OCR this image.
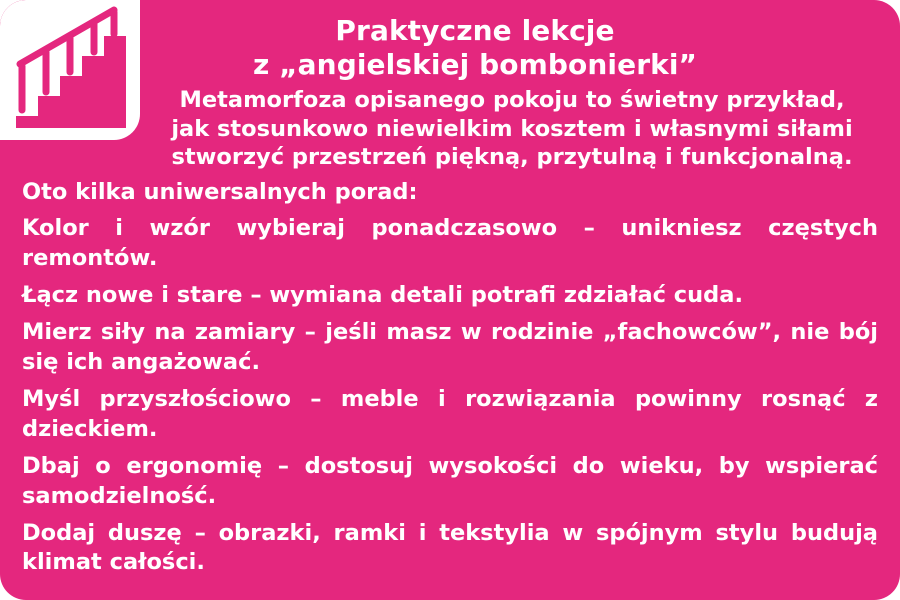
Praktyczne lekcje
z „angielskiej bombonierki”
Metamorfoza opisanego pokoju to świetny przykład,
jak stosunkowo niewielkim kosztem i własnymi siłami
stworzyć przestrzeń piękną, przytulną i funkcjonalną.

Oto kilka uniwersalnych porad:

Kolor i wzór wybieraj ponadczasowo – unikniesz częstych remontów.
Łącz nowe i stare – wymiana detali potrafi zdziałać cuda.
Mierz siły na zamiary – jeśli masz w rodzinie „fachowców”, nie bój się ich angażować.
Myśl przyszłościowo – meble i rozwiązania powinny rosnąć z dzieckiem.
Dbaj o ergonomię – dostosuj wysokości do wieku, by wspierać samodzielność.
Dodaj duszę – obrazki, ramki i tekstylia w spójnym stylu budują klimat całości.
